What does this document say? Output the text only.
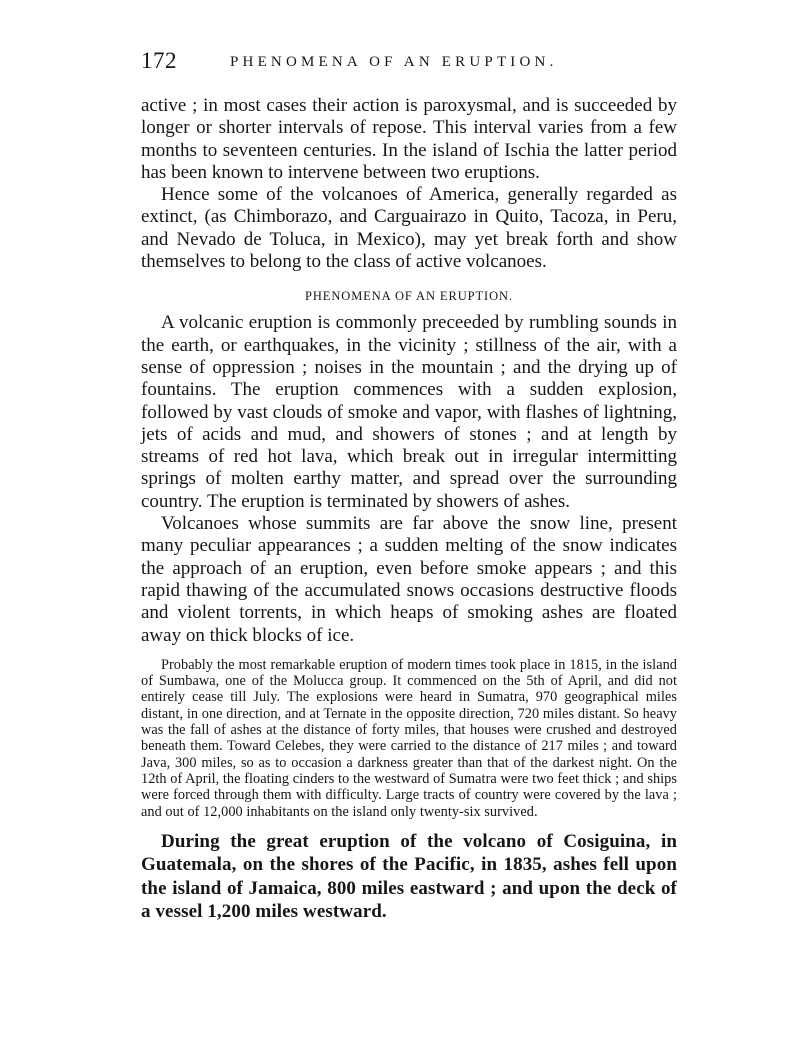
172	PHENOMENA OF AN ERUPTION.

active ; in most cases their action is paroxysmal, and is succeeded by longer or shorter intervals of repose. This interval varies from a few months to seventeen centuries. In the island of Ischia the latter period has been known to intervene between two eruptions.

Hence some of the volcanoes of America, generally regarded as extinct, (as Chimborazo, and Carguairazo in Quito, Tacoza, in Peru, and Nevado de Toluca, in Mexico), may yet break forth and show themselves to belong to the class of active volcanoes.

PHENOMENA OF AN ERUPTION.

A volcanic eruption is commonly preceeded by rumbling sounds in the earth, or earthquakes, in the vicinity ; stillness of the air, with a sense of oppression ; noises in the mountain ; and the drying up of fountains. The eruption commences with a sudden explosion, followed by vast clouds of smoke and vapor, with flashes of lightning, jets of acids and mud, and showers of stones ; and at length by streams of red hot lava, which break out in irregular intermitting springs of molten earthy matter, and spread over the surrounding country. The eruption is terminated by showers of ashes.

Volcanoes whose summits are far above the snow line, present many peculiar appearances ; a sudden melting of the snow indicates the approach of an eruption, even before smoke appears ; and this rapid thawing of the accumulated snows occasions destructive floods and violent torrents, in which heaps of smoking ashes are floated away on thick blocks of ice.

Probably the most remarkable eruption of modern times took place in 1815, in the island of Sumbawa, one of the Molucca group. It commenced on the 5th of April, and did not entirely cease till July. The explosions were heard in Sumatra, 970 geographical miles distant, in one direction, and at Ternate in the opposite direction, 720 miles distant. So heavy was the fall of ashes at the distance of forty miles, that houses were crushed and destroyed beneath them. Toward Celebes, they were carried to the distance of 217 miles ; and toward Java, 300 miles, so as to occasion a darkness greater than that of the darkest night. On the 12th of April, the floating cinders to the westward of Sumatra were two feet thick ; and ships were forced through them with difficulty. Large tracts of country were covered by the lava ; and out of 12,000 inhabitants on the island only twenty-six survived.

During the great eruption of the volcano of Cosiguina, in Guatemala, on the shores of the Pacific, in 1835, ashes fell upon the island of Jamaica, 800 miles eastward ; and upon the deck of a vessel 1,200 miles westward.
